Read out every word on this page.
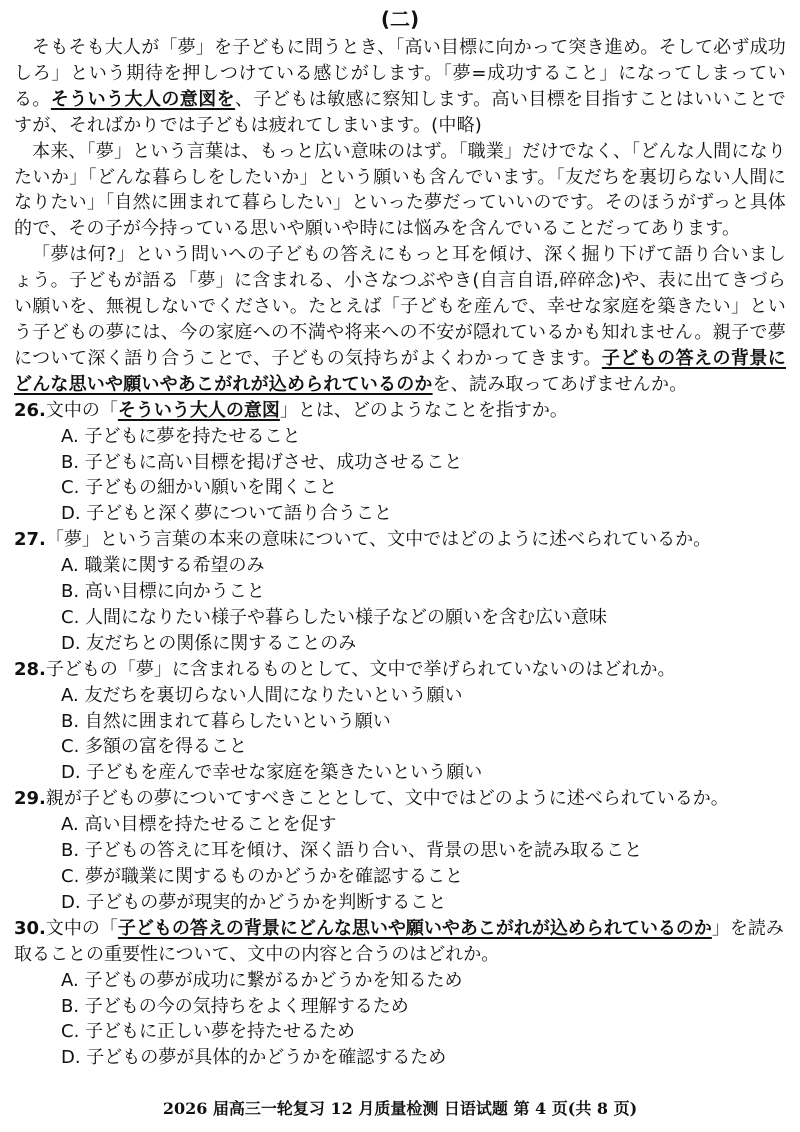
(二)

そもそも大人が「夢」を子どもに問うとき、「高い目標に向かって突き進め。そして必ず成功しろ」という期待を押しつけている感じがします。「夢=成功すること」になってしまっている。そういう大人の意図を、子どもは敏感に察知します。高い目標を目指すことはいいことですが、そればかりでは子どもは疲れてしまいます。(中略)

本来、「夢」という言葉は、もっと広い意味のはず。「職業」だけでなく、「どんな人間になりたいか」「どんな暮らしをしたいか」という願いも含んでいます。「友だちを裏切らない人間になりたい」「自然に囲まれて暮らしたい」といった夢だっていいのです。そのほうがずっと具体的で、その子が今持っている思いや願いや時には悩みを含んでいることだってあります。

「夢は何?」という問いへの子どもの答えにもっと耳を傾け、深く掘り下げて語り合いましょう。子どもが語る「夢」に含まれる、小さなつぶやき(自言自语,碎碎念)や、表に出てきづらい願いを、無視しないでください。たとえば「子どもを産んで、幸せな家庭を築きたい」という子どもの夢には、今の家庭への不満や将来への不安が隠れているかも知れません。親子で夢について深く語り合うことで、子どもの気持ちがよくわかってきます。子どもの答えの背景にどんな思いや願いやあこがれが込められているのかを、読み取ってあげませんか。

26.文中の「そういう大人の意図」とは、どのようなことを指すか。
A. 子どもに夢を持たせること
B. 子どもに高い目標を掲げさせ、成功させること
C. 子どもの細かい願いを聞くこと
D. 子どもと深く夢について語り合うこと
27.「夢」という言葉の本来の意味について、文中ではどのように述べられているか。
A. 職業に関する希望のみ
B. 高い目標に向かうこと
C. 人間になりたい様子や暮らしたい様子などの願いを含む広い意味
D. 友だちとの関係に関することのみ
28.子どもの「夢」に含まれるものとして、文中で挙げられていないのはどれか。
A. 友だちを裏切らない人間になりたいという願い
B. 自然に囲まれて暮らしたいという願い
C. 多額の富を得ること
D. 子どもを産んで幸せな家庭を築きたいという願い
29.親が子どもの夢についてすべきこととして、文中ではどのように述べられているか。
A. 高い目標を持たせることを促す
B. 子どもの答えに耳を傾け、深く語り合い、背景の思いを読み取ること
C. 夢が職業に関するものかどうかを確認すること
D. 子どもの夢が現実的かどうかを判断すること
30.文中の「子どもの答えの背景にどんな思いや願いやあこがれが込められているのか」を読み取ることの重要性について、文中の内容と合うのはどれか。
A. 子どもの夢が成功に繋がるかどうかを知るため
B. 子どもの今の気持ちをよく理解するため
C. 子どもに正しい夢を持たせるため
D. 子どもの夢が具体的かどうかを確認するため
2026 届高三一轮复习 12 月质量检测 日语试题 第 4 页(共 8 页)
